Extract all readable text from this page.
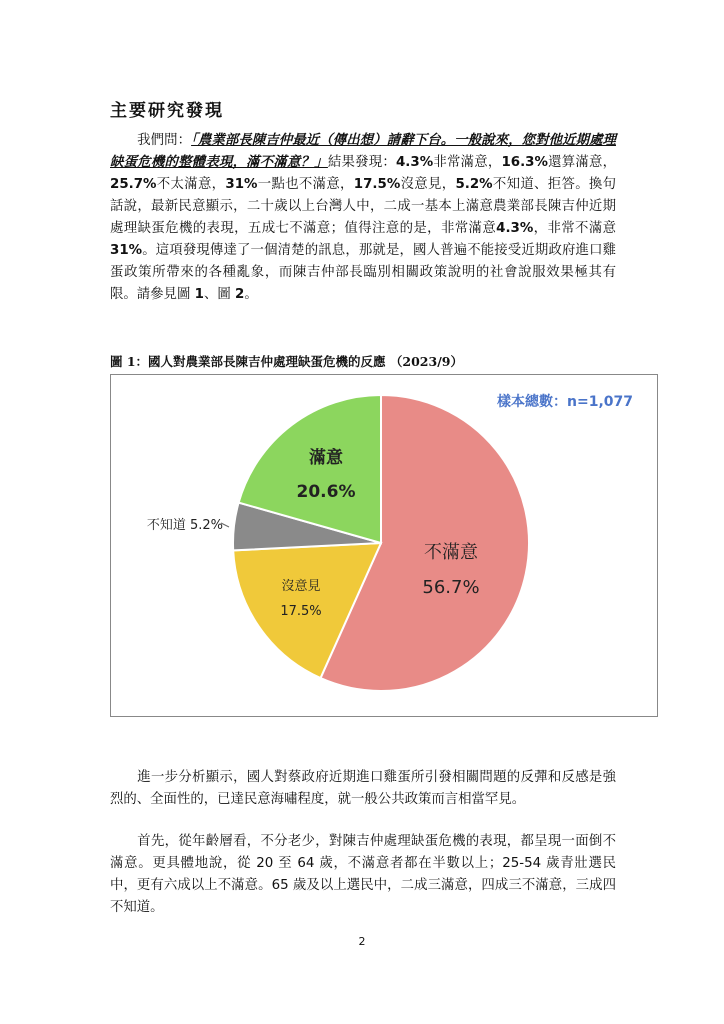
主要研究發現

我們問：「農業部長陳吉仲最近（傳出想）請辭下台。一般說來，您對他近期處理缺蛋危機的整體表現，滿不滿意？」結果發現：4.3%非常滿意，16.3%還算滿意，25.7%不太滿意，31%一點也不滿意，17.5%沒意見，5.2%不知道、拒答。換句話說，最新民意顯示，二十歲以上台灣人中，二成一基本上滿意農業部長陳吉仲近期處理缺蛋危機的表現，五成七不滿意；值得注意的是，非常滿意4.3%，非常不滿意31%。這項發現傳達了一個清楚的訊息，那就是，國人普遍不能接受近期政府進口雞蛋政策所帶來的各種亂象，而陳吉仲部長臨別相關政策說明的社會說服效果極其有限。請參見圖 1、圖 2。

圖 1：國人對農業部長陳吉仲處理缺蛋危機的反應 （2023/9）
樣本總數：n=1,077
不滿意
56.7%
沒意見
17.5%
不知道 5.2%
滿意
20.6%

進一步分析顯示，國人對蔡政府近期進口雞蛋所引發相關問題的反彈和反感是強烈的、全面性的，已達民意海嘯程度，就一般公共政策而言相當罕見。

首先，從年齡層看，不分老少，對陳吉仲處理缺蛋危機的表現，都呈現一面倒不滿意。更具體地說，從 20 至 64 歲，不滿意者都在半數以上；25-54 歲青壯選民中，更有六成以上不滿意。65 歲及以上選民中，二成三滿意，四成三不滿意，三成四不知道。

2
